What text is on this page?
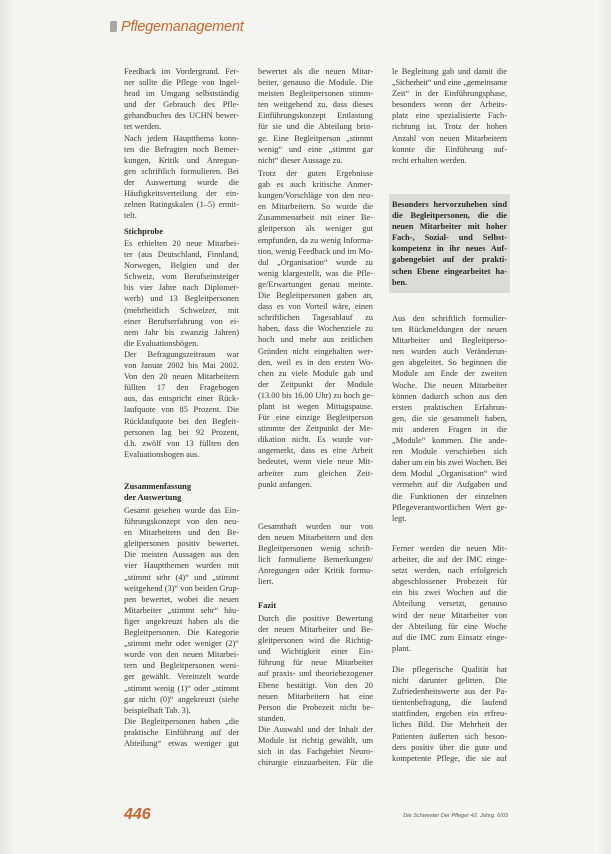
Pflegemanagement
Feedback im Vordergrund. Fer-
ner sollte die Pflege von Ingel-
head im Umgang selbstständig
und der Gebrauch des Pfle-
gehandbuches des UCHN bewer-
tet werden.
Nach jedem Hauptthema konn-
ten die Befragten noch Bemer-
kungen, Kritik und Anregun-
gen schriftlich formulieren. Bei
der Auswertung wurde die
Häufigkeitsverteilung der ein-
zelnen Ratingskalen (1–5) ermit-
telt.
Stichprobe
Es erhielten 20 neue Mitarbei-
ter (aus Deutschland, Finnland,
Norwegen, Belgien und der
Schweiz, vom Berufseinsteiger
bis vier Jahre nach Diplomer-
werb) und 13 Begleitpersonen
(mehrheitlich Schweizer, mit
einer Berufserfahrung von ei-
nem Jahr bis zwanzig Jahren)
die Evaluationsbögen.
Der Befragungszeitraum war
von Januar 2002 bis Mai 2002.
Von den 20 neuen Mitarbeitern
füllten 17 den Fragebogen
aus, das entspricht einer Rück-
laufquote von 85 Prozent. Die
Rücklaufquote bei den Begleit-
personen lag bei 92 Prozent,
d.h. zwölf von 13 füllten den
Evaluationsbogen aus.
Zusammenfassung
der Auswertung
Gesamt gesehen wurde das Ein-
führungskonzept von den neu-
en Mitarbeitern und den Be-
gleitpersonen positiv bewertet.
Die meisten Aussagen aus den
vier Hauptthemen wurden mit
„stimmt sehr (4)“ und „stimmt
weitgehend (3)“ von beiden Grup-
pen bewertet, wobei die neuen
Mitarbeiter „stimmt sehr“ häu-
figer angekreuzt haben als die
Begleitpersonen. Die Kategorie
„stimmt mehr oder weniger (2)“
wurde von den neuen Mitarbei-
tern und Begleitpersonen weni-
ger gewählt. Vereinzelt wurde
„stimmt wenig (1)“ oder „stimmt
gar nicht (0)“ angekreuzt (siehe
beispielhaft Tab. 3).
Die Begleitpersonen haben „die
praktische Einführung auf der
Abteilung“ etwas weniger gut
bewertet als die neuen Mitar-
beiter, genauso die Module. Die
meisten Begleitpersonen stimm-
ten weitgehend zu, dass dieses
Einführungskonzept Entlastung
für sie und die Abteilung brin-
ge. Eine Begleitperson „stimmt
wenig“ und eine „stimmt gar
nicht“ dieser Aussage zu.
Trotz der guten Ergebnisse
gab es auch kritische Anmer-
kungen/Vorschläge von den neu-
en Mitarbeitern. So wurde die
Zusammenarbeit mit einer Be-
gleitperson als weniger gut
empfunden, da zu wenig Informa-
tion, wenig Feedback und im Mo-
dul „Organisation“ wurde zu
wenig klargestellt, was die Pfle-
ge/Erwartungen genau meinte.
Die Begleitpersonen gaben an,
dass es von Vorteil wäre, einen
schriftlichen Tagesablauf zu
haben, dass die Wochenziele zu
hoch und mehr aus zeitlichen
Gründen nicht eingehalten wer-
den, weil es in den ersten Wo-
chen zu viele Module gab und
der Zeitpunkt der Module
(13.00 bis 16.00 Uhr) zu hoch ge-
plant ist wegen Mittagspause.
Für eine einzige Begleitperson
stimmte der Zeitpunkt der Me-
dikation nicht. Es wurde vor-
angemerkt, dass es eine Arbeit
bedeutet, wenn viele neue Mit-
arbeiter zum gleichen Zeit-
punkt anfangen.
Gesamthaft wurden nur von
den neuen Mitarbeitern und den
Begleitpersonen wenig schrift-
lich formulierte Bemerkungen/
Anregungen oder Kritik formu-
liert.
Fazit
Durch die positive Bewertung
der neuen Mitarbeiter und Be-
gleitpersonen wird die Richtig-
und Wichtigkeit einer Ein-
führung für neue Mitarbeiter
auf praxis- und theoriebezogener
Ebene bestätigt. Von den 20
neuen Mitarbeitern hat eine
Person die Probezeit nicht be-
standen.
Die Auswahl und der Inhalt der
Module ist richtig gewählt, um
sich in das Fachgebiet Neuro-
chirurgie einzuarbeiten. Für die
le Begleitung gab und damit die
„Sicherheit“ und eine „gemeinsame
Zeit“ in der Einführungsphase,
besonders wenn der Arbeits-
platz eine spezialisierte Fach-
richtung ist. Trotz der hohen
Anzahl von neuen Mitarbeitern
konnte die Einführung auf-
recht erhalten werden.
Besonders hervorzuheben sind
die Begleitpersonen, die die
neuen Mitarbeiter mit hoher
Fach-, Sozial- und Selbst-
kompetenz in ihr neues Auf-
gabengebiet auf der prakti-
schen Ebene eingearbeitet ha-
ben.
Aus den schriftlich formulier-
ten Rückmeldungen der neuen
Mitarbeiter und Begleitperso-
nen wurden auch Veränderun-
gen abgeleitet. So beginnen die
Module am Ende der zweiten
Woche. Die neuen Mitarbeiter
können dadurch schon aus den
ersten praktischen Erfahrun-
gen, die sie gesammelt haben,
mit anderen Fragen in die
„Module“ kommen. Die ande-
ren Module verschieben sich
daher um ein bis zwei Wochen. Bei
dem Modul „Organisation“ wird
vermehrt auf die Aufgaben und
die Funktionen der einzelnen
Pflegeverantwortlichen Wert ge-
legt.
Ferner werden die neuen Mit-
arbeiter, die auf der IMC einge-
setzt werden, nach erfolgreich
abgeschlossener Probezeit für
ein bis zwei Wochen auf die
Abteilung versetzt, genauso
wird der neue Mitarbeiter von
der Abteilung für eine Woche
auf die IMC zum Einsatz einge-
plant.
Die pflegerische Qualität hat
nicht darunter gelitten. Die
Zufriedenheitswerte aus der Pa-
tientenbefragung, die laufend
stattfinden, ergeben ein erfreu-
liches Bild. Die Mehrheit der
Patienten äußerten sich beson-
ders positiv über die gute und
kompetente Pflege, die sie auf
446	Die Schwester Der Pfleger 42. Jahrg. 6/03
